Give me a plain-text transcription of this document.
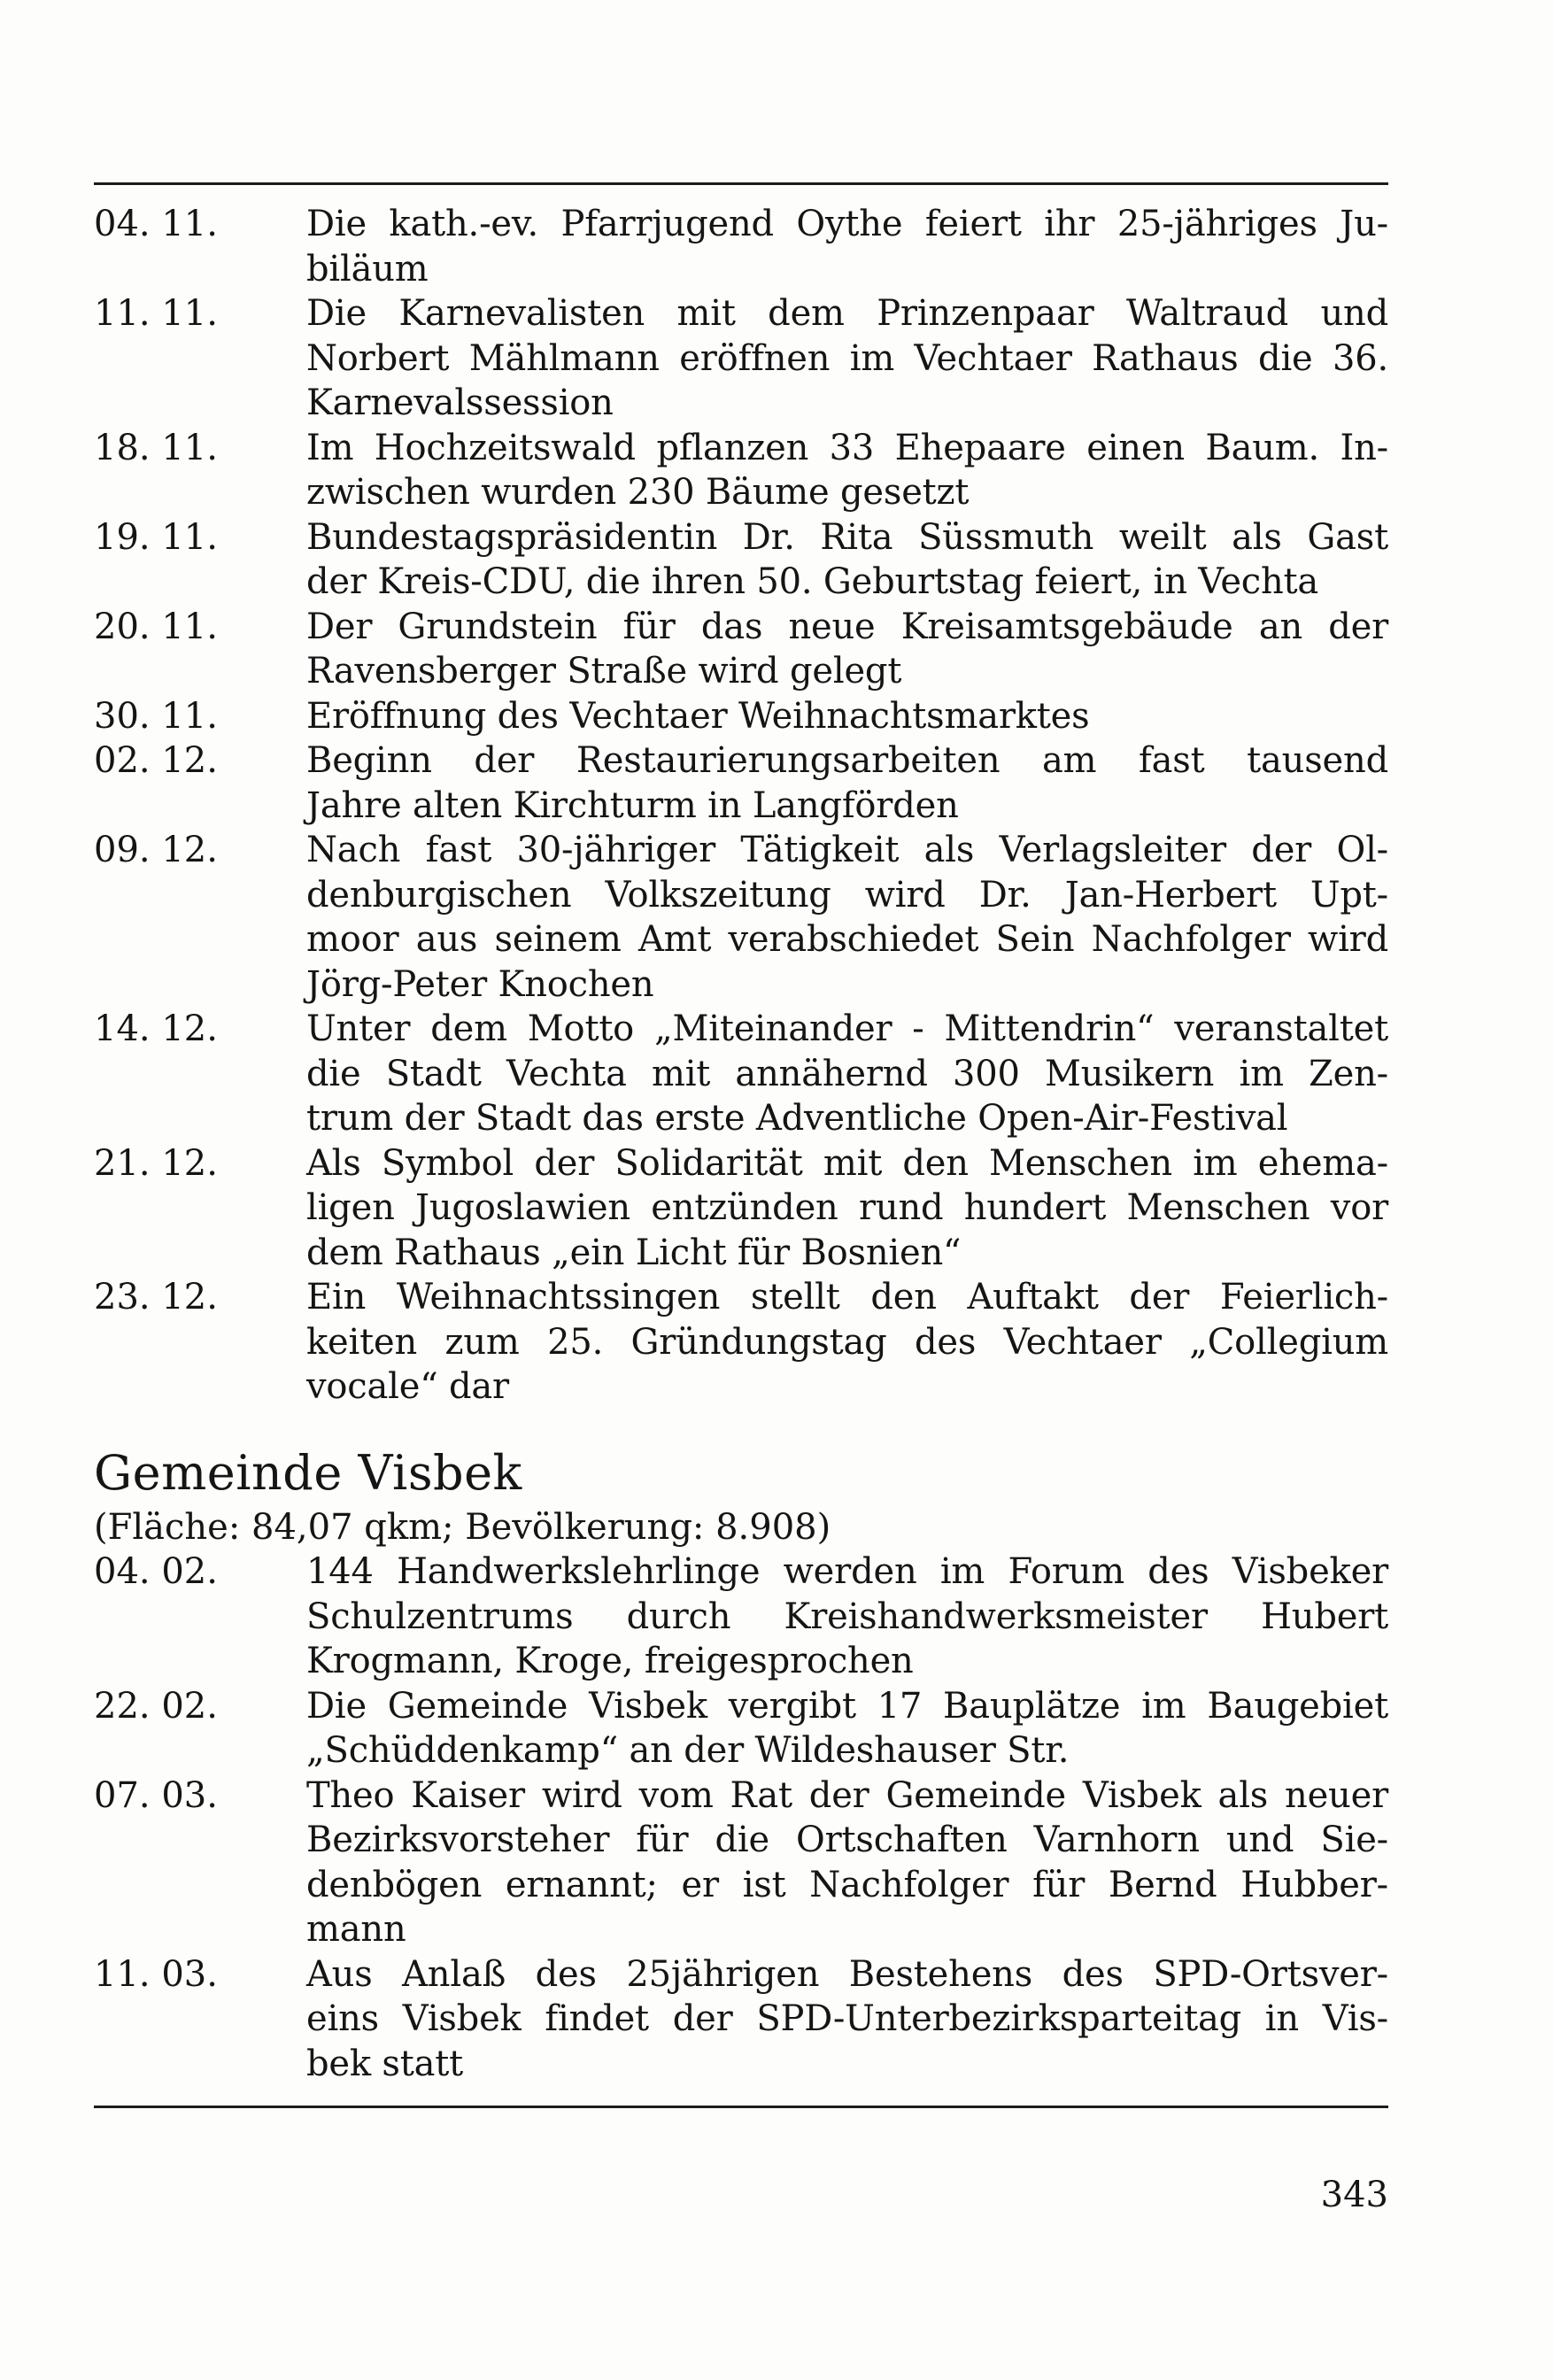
04. 11.	Die kath.-ev. Pfarrjugend Oythe feiert ihr 25-jähriges Ju-
biläum
11. 11.	Die Karnevalisten mit dem Prinzenpaar Waltraud und
Norbert Mählmann eröffnen im Vechtaer Rathaus die 36.
Karnevalssession
18. 11.	Im Hochzeitswald pflanzen 33 Ehepaare einen Baum. In-
zwischen wurden 230 Bäume gesetzt
19. 11.	Bundestagspräsidentin Dr. Rita Süssmuth weilt als Gast
der Kreis-CDU, die ihren 50. Geburtstag feiert, in Vechta
20. 11.	Der Grundstein für das neue Kreisamtsgebäude an der
Ravensberger Straße wird gelegt
30. 11.	Eröffnung des Vechtaer Weihnachtsmarktes
02. 12.	Beginn der Restaurierungsarbeiten am fast tausend
Jahre alten Kirchturm in Langförden
09. 12.	Nach fast 30-jähriger Tätigkeit als Verlagsleiter der Ol-
denburgischen Volkszeitung wird Dr. Jan-Herbert Upt-
moor aus seinem Amt verabschiedet Sein Nachfolger wird
Jörg-Peter Knochen
14. 12.	Unter dem Motto „Miteinander - Mittendrin“ veranstaltet
die Stadt Vechta mit annähernd 300 Musikern im Zen-
trum der Stadt das erste Adventliche Open-Air-Festival
21. 12.	Als Symbol der Solidarität mit den Menschen im ehema-
ligen Jugoslawien entzünden rund hundert Menschen vor
dem Rathaus „ein Licht für Bosnien“
23. 12.	Ein Weihnachtssingen stellt den Auftakt der Feierlich-
keiten zum 25. Gründungstag des Vechtaer „Collegium
vocale“ dar
Gemeinde Visbek
(Fläche: 84,07 qkm; Bevölkerung: 8.908)
04. 02.	144 Handwerkslehrlinge werden im Forum des Visbeker
Schulzentrums durch Kreishandwerksmeister Hubert
Krogmann, Kroge, freigesprochen
22. 02.	Die Gemeinde Visbek vergibt 17 Bauplätze im Baugebiet
„Schüddenkamp“ an der Wildeshauser Str.
07. 03.	Theo Kaiser wird vom Rat der Gemeinde Visbek als neuer
Bezirksvorsteher für die Ortschaften Varnhorn und Sie-
denbögen ernannt; er ist Nachfolger für Bernd Hubber-
mann
11. 03.	Aus Anlaß des 25jährigen Bestehens des SPD-Ortsver-
eins Visbek findet der SPD-Unterbezirksparteitag in Vis-
bek statt
343
